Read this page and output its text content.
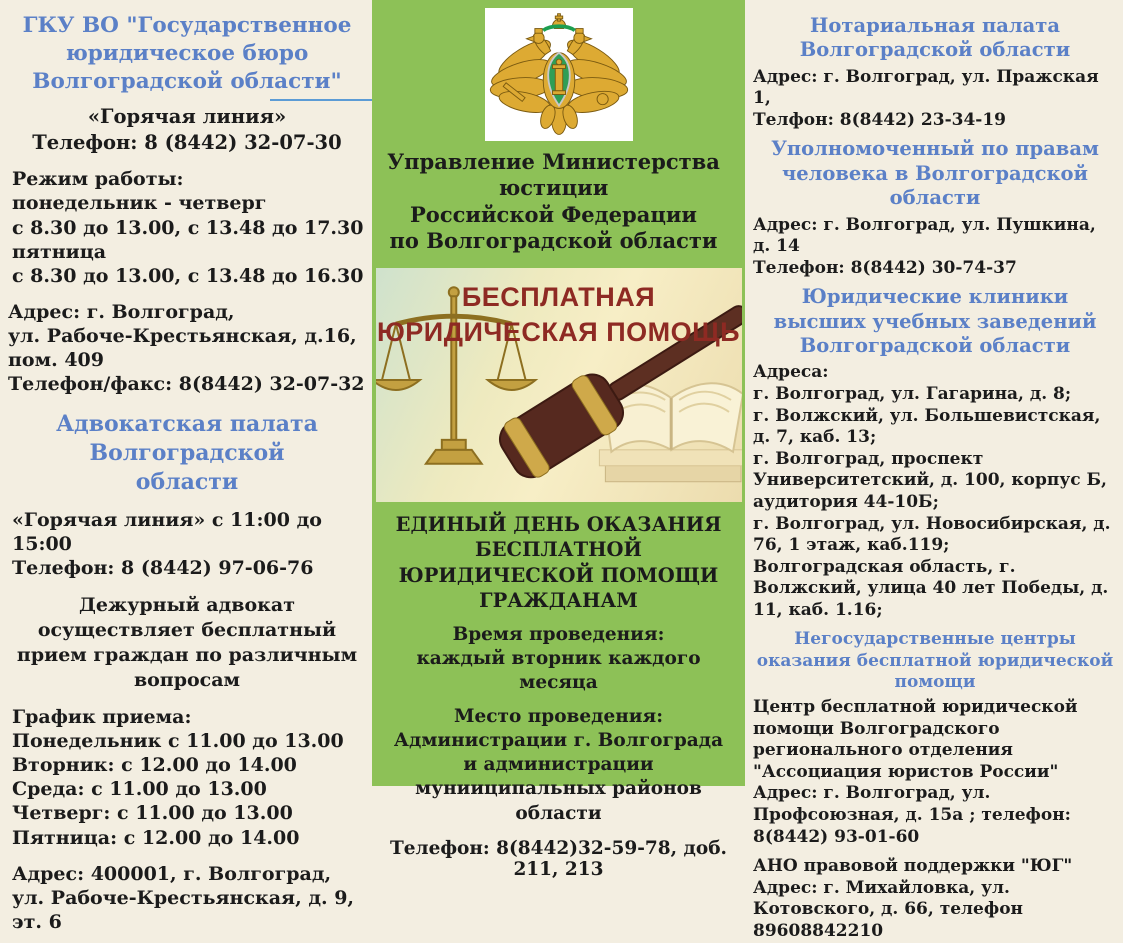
ГКУ ВО "Государственное юридическое бюро Волгоградской области"
«Горячая линия»
Телефон: 8 (8442) 32-07-30
Режим работы:
понедельник - четверг
с 8.30 до 13.00, с 13.48 до 17.30
пятница
с 8.30 до 13.00, с 13.48 до 16.30
Адрес: г. Волгоград,
ул. Рабоче-Крестьянская, д.16, пом. 409
Телефон/факс: 8(8442) 32-07-32
Адвокатская палата Волгоградской области
«Горячая линия» с 11:00 до 15:00
Телефон: 8 (8442) 97-06-76
Дежурный адвокат осуществляет бесплатный прием граждан по различным вопросам
График приема:
Понедельник с 11.00 до 13.00
Вторник: с 12.00 до 14.00
Среда: с 11.00 до 13.00
Четверг: с 11.00 до 13.00
Пятница: с 12.00 до 14.00
Адрес: 400001, г. Волгоград,
ул. Рабоче-Крестьянская, д. 9, эт. 6
Управление Министерства юстиции
Российской Федерации
по Волгоградской области
БЕСПЛАТНАЯ
ЮРИДИЧЕСКАЯ ПОМОЩЬ
ЕДИНЫЙ ДЕНЬ ОКАЗАНИЯ БЕСПЛАТНОЙ ЮРИДИЧЕСКОЙ ПОМОЩИ ГРАЖДАНАМ
Время проведения:
каждый вторник каждого месяца
Место проведения:
Администрации г. Волгограда и администрации мунииципальных районов области
Телефон: 8(8442)32-59-78, доб. 211, 213
Нотариальная палата Волгоградской области
Адрес: г. Волгоград, ул. Пражская 1,
Телфон: 8(8442) 23-34-19
Уполномоченный по правам человека в Волгоградской области
Адрес: г. Волгоград, ул. Пушкина, д. 14
Телефон: 8(8442) 30-74-37
Юридические клиники высших учебных заведений Волгоградской области
Адреса:
г. Волгоград, ул. Гагарина, д. 8;
г. Волжский, ул. Большевистская, д. 7, каб. 13;
г. Волгоград, проспект Университетский, д. 100, корпус Б, аудитория 44-10Б;
г. Волгоград, ул. Новосибирская, д. 76, 1 этаж, каб.119;
Волгоградская область, г. Волжский, улица 40 лет Победы, д. 11, каб. 1.16;
Негосударственные центры оказания бесплатной юридической помощи
Центр бесплатной юридической помощи Волгоградского регионального отделения "Ассоциация юристов России"
Адрес: г. Волгоград, ул. Профсоюзная, д. 15а ; телефон: 8(8442) 93-01-60
АНО правовой поддержки "ЮГ"
Адрес: г. Михайловка, ул. Котовского, д. 66, телефон 89608842210
